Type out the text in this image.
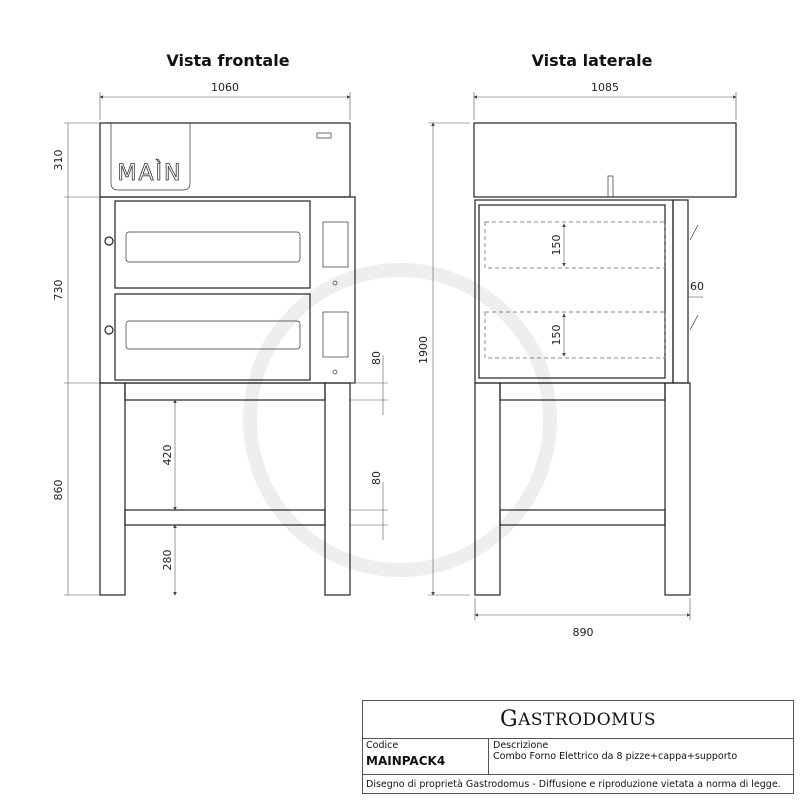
Vista frontale	Vista laterale
MAÌN
1060
310
730
860
420
280
80
80
1085
1900
890
150
150
60
G ASTRODOMUS
Codice
MAINPACK4
Descrizione
Combo Forno Elettrico da 8 pizze+cappa+supporto
Disegno di proprietà Gastrodomus - Diffusione e riproduzione vietata a norma di legge.
